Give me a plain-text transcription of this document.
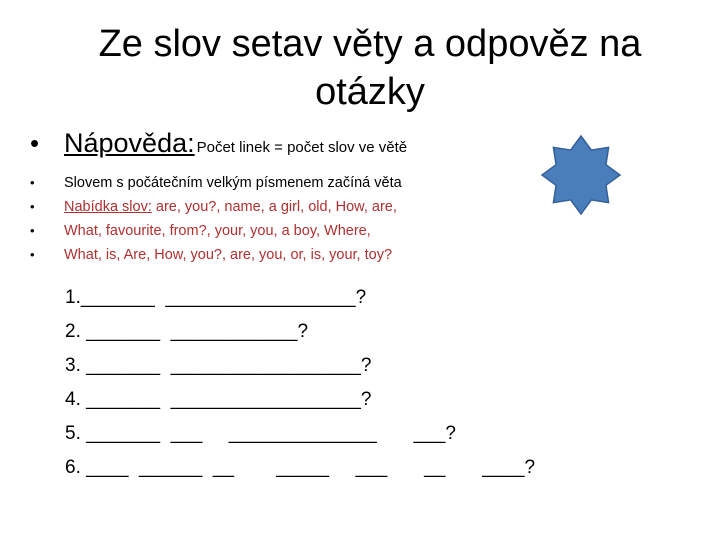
Ze slov setav věty a odpověz na otázky
• Nápověda: Počet linek = počet slov ve větě
• Slovem s počátečním velkým písmenem začíná věta
• Nabídka slov: are, you?, name, a girl, old, How, are,
• What, favourite, from?, your, you, a boy, Where,
• What, is, Are, How, you?, are, you, or, is, your, toy?
1._______  __________________?
2. _______  ____________?
3. _______  __________________?
4. _______  __________________?
5. _______  ___     ______________       ___?
6. ____  ______  __        _____     ___       __       ____?
